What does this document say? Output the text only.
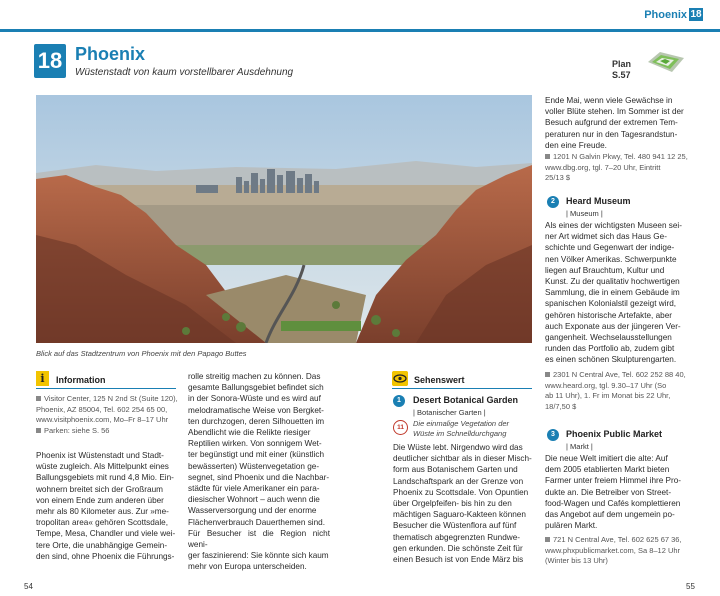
Phoenix 18
18 Phoenix
Wüstenstadt von kaum vorstellbarer Ausdehnung
Plan
S.57
Blick auf das Stadtzentrum von Phoenix mit den Papago Buttes
i	Information
Visitor Center, 125 N 2nd St (Suite 120),
Phoenix, AZ 85004, Tel. 602 254 65 00,
www.visitphoenix.com, Mo–Fr 8–17 Uhr
Parken: siehe S. 56
Phoenix ist Wüstenstadt und Stadt-
wüste zugleich. Als Mittelpunkt eines
Ballungsgebiets mit rund 4,8 Mio. Ein-
wohnern breitet sich der Großraum
von einem Ende zum anderen über
mehr als 80 Kilometer aus. Zur »me-
tropolitan area« gehören Scottsdale,
Tempe, Mesa, Chandler und viele wei-
tere Orte, die unabhängige Gemein-
den sind, ohne Phoenix die Führungs-
rolle streitig machen zu können. Das
gesamte Ballungsgebiet befindet sich
in der Sonora-Wüste und es wird auf
melodramatische Weise von Bergket-
ten durchzogen, deren Silhouetten im
Abendlicht wie die Relikte riesiger
Reptilien wirken. Von sonnigem Wet-
ter begünstigt und mit einer (künstlich
bewässerten) Wüstenvegetation ge-
segnet, sind Phoenix und die Nachbar-
städte für viele Amerikaner ein para-
diesischer Wohnort – auch wenn die
Wasserversorgung und der enorme
Flächenverbrauch Dauerthemen sind.
Für Besucher ist die Region nicht weni-
ger faszinierend: Sie könnte sich kaum
mehr von Europa unterscheiden.
Sehenswert
1	Desert Botanical Garden
| Botanischer Garten |
11	Die einmalige Vegetation der
Wüste im Schnelldurchgang
Die Wüste lebt. Nirgendwo wird das
deutlicher sichtbar als in dieser Misch-
form aus Botanischem Garten und
Landschaftspark an der Grenze von
Phoenix zu Scottsdale. Von Opuntien
über Orgelpfeifen- bis hin zu den
mächtigen Saguaro-Kakteen können
Besucher die Wüstenflora auf fünf
thematisch abgegrenzten Rundwe-
gen erkunden. Die schönste Zeit für
einen Besuch ist von Ende März bis
Ende Mai, wenn viele Gewächse in
voller Blüte stehen. Im Sommer ist der
Besuch aufgrund der extremen Tem-
peraturen nur in den Tagesrandstun-
den eine Freude.
1201 N Galvin Pkwy, Tel. 480 941 12 25,
www.dbg.org, tgl. 7–20 Uhr, Eintritt
25/13 $
2	Heard Museum
| Museum |
Als eines der wichtigsten Museen sei-
ner Art widmet sich das Haus Ge-
schichte und Gegenwart der indige-
nen Völker Amerikas. Schwerpunkte
liegen auf Brauchtum, Kultur und
Kunst. Zu der qualitativ hochwertigen
Sammlung, die in einem Gebäude im
spanischen Kolonialstil gezeigt wird,
gehören historische Artefakte, aber
auch Exponate aus der jüngeren Ver-
gangenheit. Wechselausstellungen
runden das Portfolio ab, zudem gibt
es einen schönen Skulpturengarten.
2301 N Central Ave, Tel. 602 252 88 40,
www.heard.org, tgl. 9.30–17 Uhr (So
ab 11 Uhr), 1. Fr im Monat bis 22 Uhr,
18/7,50 $
3	Phoenix Public Market
| Markt |
Die neue Welt imitiert die alte: Auf
dem 2005 etablierten Markt bieten
Farmer unter freiem Himmel ihre Pro-
dukte an. Die Betreiber von Street-
food-Wagen und Cafés komplettieren
das Angebot auf dem ungemein po-
pulären Markt.
721 N Central Ave, Tel. 602 625 67 36,
www.phxpublicmarket.com, Sa 8–12 Uhr
(Winter bis 13 Uhr)
54	55
